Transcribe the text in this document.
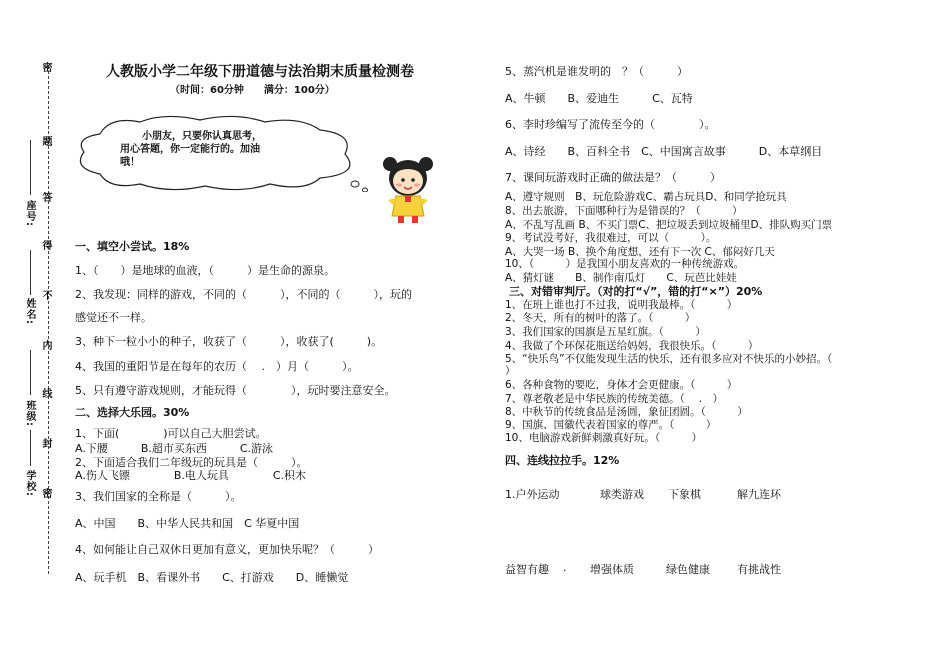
密
题
答
得
不
内
线
封
密
座号:
姓名:
班级:
学校:
人教版小学二年级下册道德与法治期末质量检测卷
（时间：60分钟　　满分：100分）
小朋友，只要你认真思考，
用心答题，你一定能行的。加油
哦！
一、填空小尝试。18%
1、（　　）是地球的血液，（　　　）是生命的源泉。
2、我发现：同样的游戏，不同的（　　　），不同的（　　　），玩的
感觉还不一样。
3、种下一粒小小的种子，收获了（　　　），收获了(　　　)。
4、我国的重阳节是在每年的农历（　 .　）月（　　　）。
5、只有遵守游戏规则，才能玩得（　　　　），玩时要注意安全。
二、选择大乐园。30%
1、下面(　　　　)可以自己大胆尝试。
A.下腰　　　B.超市买东西　　　C.游泳
2、下面适合我们二年级玩的玩具是（　　　）。
A.伤人飞镖　　　　B.电人玩具　　　　C.积木
3、我们国家的全称是（　　　）。
A、中国　　B、中华人民共和国　C 华夏中国
4、如何能让自己双休日更加有意义，更加快乐呢？（　　　）
A、玩手机　B、看课外书　　C、打游戏　　D、睡懒觉
5、蒸汽机是谁发明的　？（　　　）
A、牛顿　　B、爱迪生　　　C、瓦特
6、李时珍编写了流传至今的（　　　　）。
A、诗经　　B、百科全书　C、中国寓言故事　　　D、本草纲目
7、课间玩游戏时正确的做法是？（　　　）
A、遵守规则　B、玩危险游戏C、霸占玩具D、和同学抢玩具
8、出去旅游，下面哪种行为是错误的？（　　　）
A、不乱写乱画 B、不买门票C、把垃圾丢到垃圾桶里D、排队购买门票
9、考试没考好，我很难过，可以（　　　）。
A、大哭一场 B、换个角度想，还有下一次 C、郁闷好几天
10、（　　　）是我国小朋友喜欢的一种传统游戏。
A、猜灯谜　　B、制作南瓜灯　　C、玩芭比娃娃
三、对错审判厅。（对的打“√”，错的打“×”）20%
1、在班上谁也打不过我，说明我最棒。（　　　）
2、冬天，所有的树叶的落了。（　　　）
3、我们国家的国旗是五星红旗。（　　　）
4、我做了个环保花瓶送给妈妈，我很快乐。（　　　）
5、“快乐鸟”不仅能发现生活的快乐，还有很多应对不快乐的小妙招。（
）
6、各种食物的要吃，身体才会更健康。（　　　）
7、尊老敬老是中华民族的传统美德。（　 .　）
8、中秋节的传统食品是汤圆，象征团圆。（　　　）
9、国旗、国徽代表着国家的尊严。（　　　）
10、电脑游戏新鲜刺激真好玩。（　　　）
四、连线拉拉手。12%
1.户外运动	球类游戏 下象棋	解九连环
益智有趣 . 增强体质	绿色健康 有挑战性
